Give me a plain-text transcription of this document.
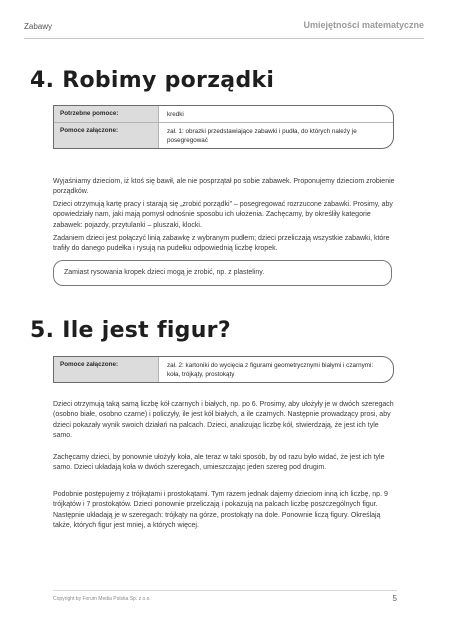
Zabawy	Umiejętności matematyczne
4. Robimy porządki
Potrzebne pomoce:	kredki
Pomoce załączone:	zał. 1: obrazki przedstawiające zabawki i pudła, do których należy je posegregować

Wyjaśniamy dzieciom, iż ktoś się bawił, ale nie posprzątał po sobie zabawek. Proponujemy dzieciom zrobienie porządków.

Dzieci otrzymują kartę pracy i starają się „zrobić porządki” – posegregować rozrzucone zabawki. Prosimy, aby opowiedziały nam, jaki mają pomysł odnośnie sposobu ich ułożenia. Zachęcamy, by określiły kategorie zabawek: pojazdy, przytulanki – pluszaki, klocki.

Zadaniem dzieci jest połączyć linią zabawkę z wybranym pudłem; dzieci przeliczają wszystkie zabawki, które trafiły do danego pudełka i rysują na pudełku odpowiednią liczbę kropek.

Zamiast rysowania kropek dzieci mogą je zrobić, np. z plasteliny.
5. Ile jest figur?
Pomoce załączone:	zał. 2: kartoniki do wycięcia z figurami geometrycznymi białymi i czarnymi: koła, trójkąty, prostokąty

Dzieci otrzymują taką samą liczbę kół czarnych i białych, np. po 6. Prosimy, aby ułożyły je w dwóch szeregach (osobno białe, osobno czarne) i policzyły, ile jest kół białych, a ile czarnych. Następnie prowadzący prosi, aby dzieci pokazały wynik swoich działań na palcach. Dzieci, analizując liczbę kół, stwierdzają, że jest ich tyle samo.

Zachęcamy dzieci, by ponownie ułożyły koła, ale teraz w taki sposób, by od razu było widać, że jest ich tyle samo. Dzieci układają koła w dwóch szeregach, umieszczając jeden szereg pod drugim.

Podobnie postępujemy z trójkątami i prostokątami. Tym razem jednak dajemy dzieciom inną ich liczbę, np. 9 trójkątów i 7 prostokątów. Dzieci ponownie przeliczają i pokazują na palcach liczbę poszczególnych figur. Następnie układają je w szeregach: trójkąty na górze, prostokąty na dole. Ponownie liczą figury. Określają także, których figur jest mniej, a których więcej.

Copyright by Forum Media Polska Sp. z o.o.	5
